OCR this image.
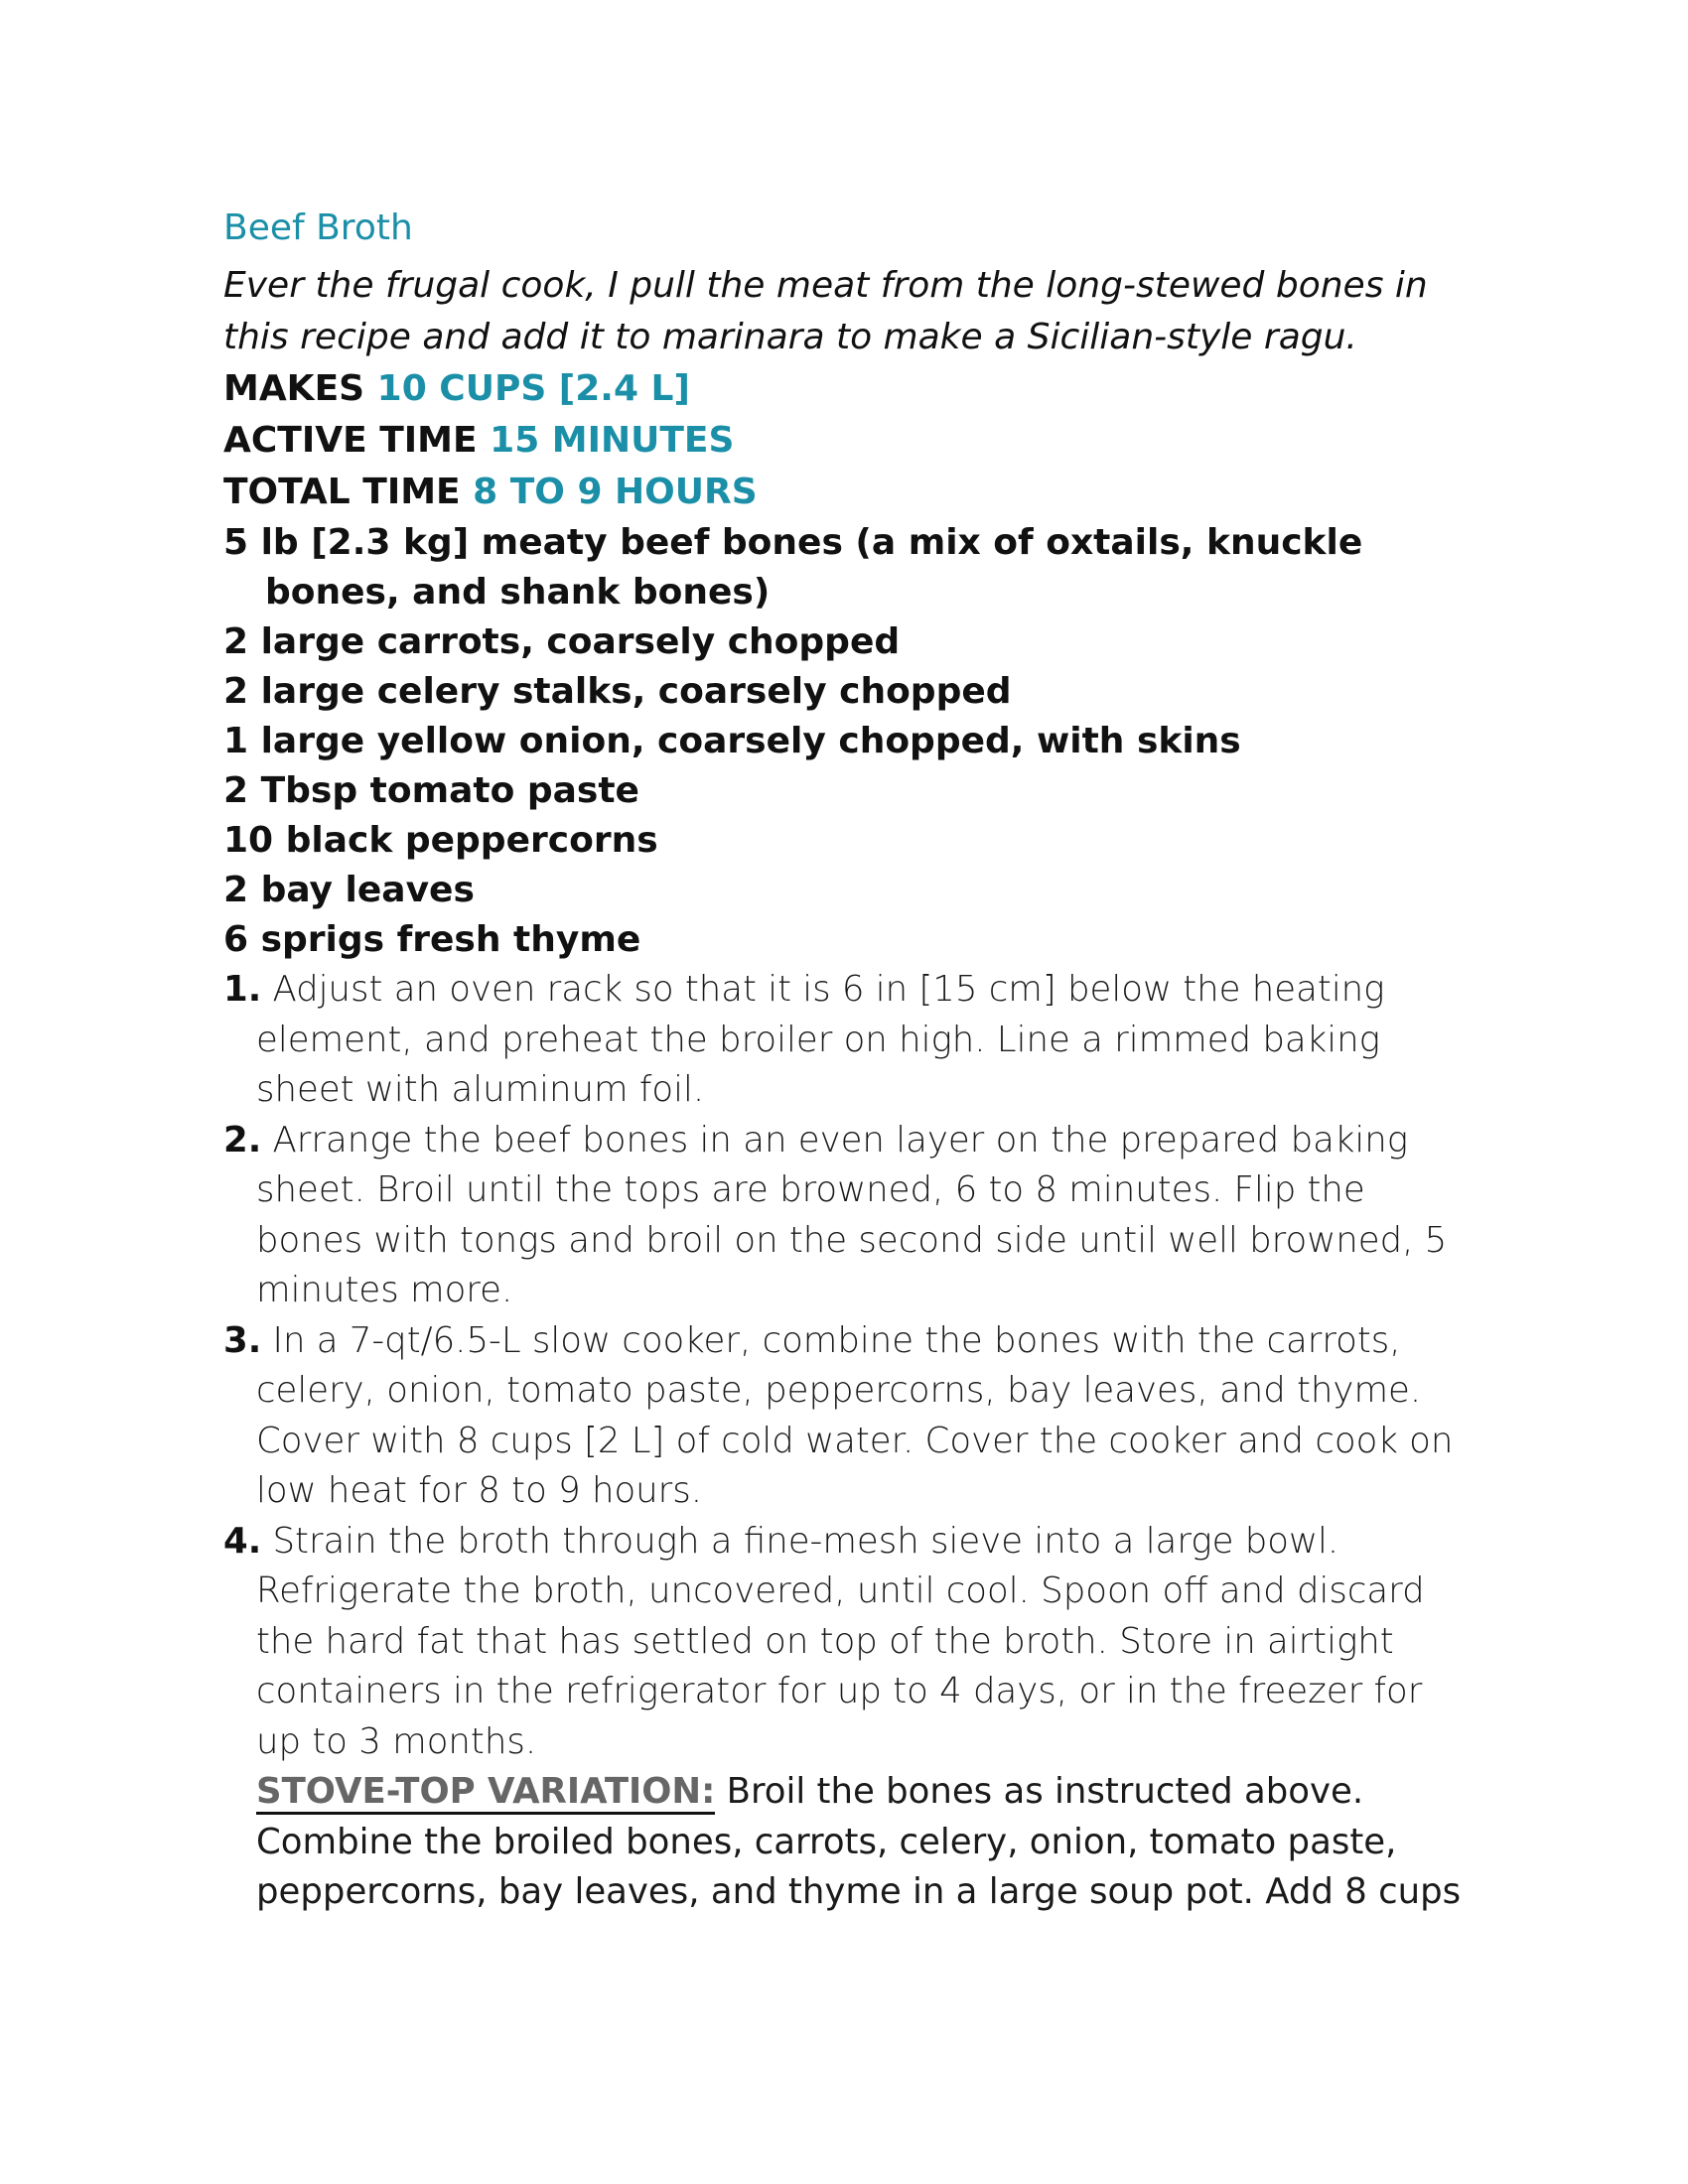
Beef Broth

Ever the frugal cook, I pull the meat from the long-stewed bones in this recipe and add it to marinara to make a Sicilian-style ragu.

MAKES 10 CUPS [2.4 L]

ACTIVE TIME 15 MINUTES

TOTAL TIME 8 TO 9 HOURS

5 lb [2.3 kg] meaty beef bones (a mix of oxtails, knuckle bones, and shank bones)
2 large carrots, coarsely chopped
2 large celery stalks, coarsely chopped
1 large yellow onion, coarsely chopped, with skins
2 Tbsp tomato paste
10 black peppercorns
2 bay leaves
6 sprigs fresh thyme
1. Adjust an oven rack so that it is 6 in [15 cm] below the heating element, and preheat the broiler on high. Line a rimmed baking sheet with aluminum foil.
2. Arrange the beef bones in an even layer on the prepared baking sheet. Broil until the tops are browned, 6 to 8 minutes. Flip the bones with tongs and broil on the second side until well browned, 5 minutes more.
3. In a 7-qt/6.5-L slow cooker, combine the bones with the carrots, celery, onion, tomato paste, peppercorns, bay leaves, and thyme. Cover with 8 cups [2 L] of cold water. Cover the cooker and cook on low heat for 8 to 9 hours.
4. Strain the broth through a fine-mesh sieve into a large bowl. Refrigerate the broth, uncovered, until cool. Spoon off and discard the hard fat that has settled on top of the broth. Store in airtight containers in the refrigerator for up to 4 days, or in the freezer for up to 3 months.

STOVE-TOP VARIATION: Broil the bones as instructed above. Combine the broiled bones, carrots, celery, onion, tomato paste, peppercorns, bay leaves, and thyme in a large soup pot. Add 8 cups
